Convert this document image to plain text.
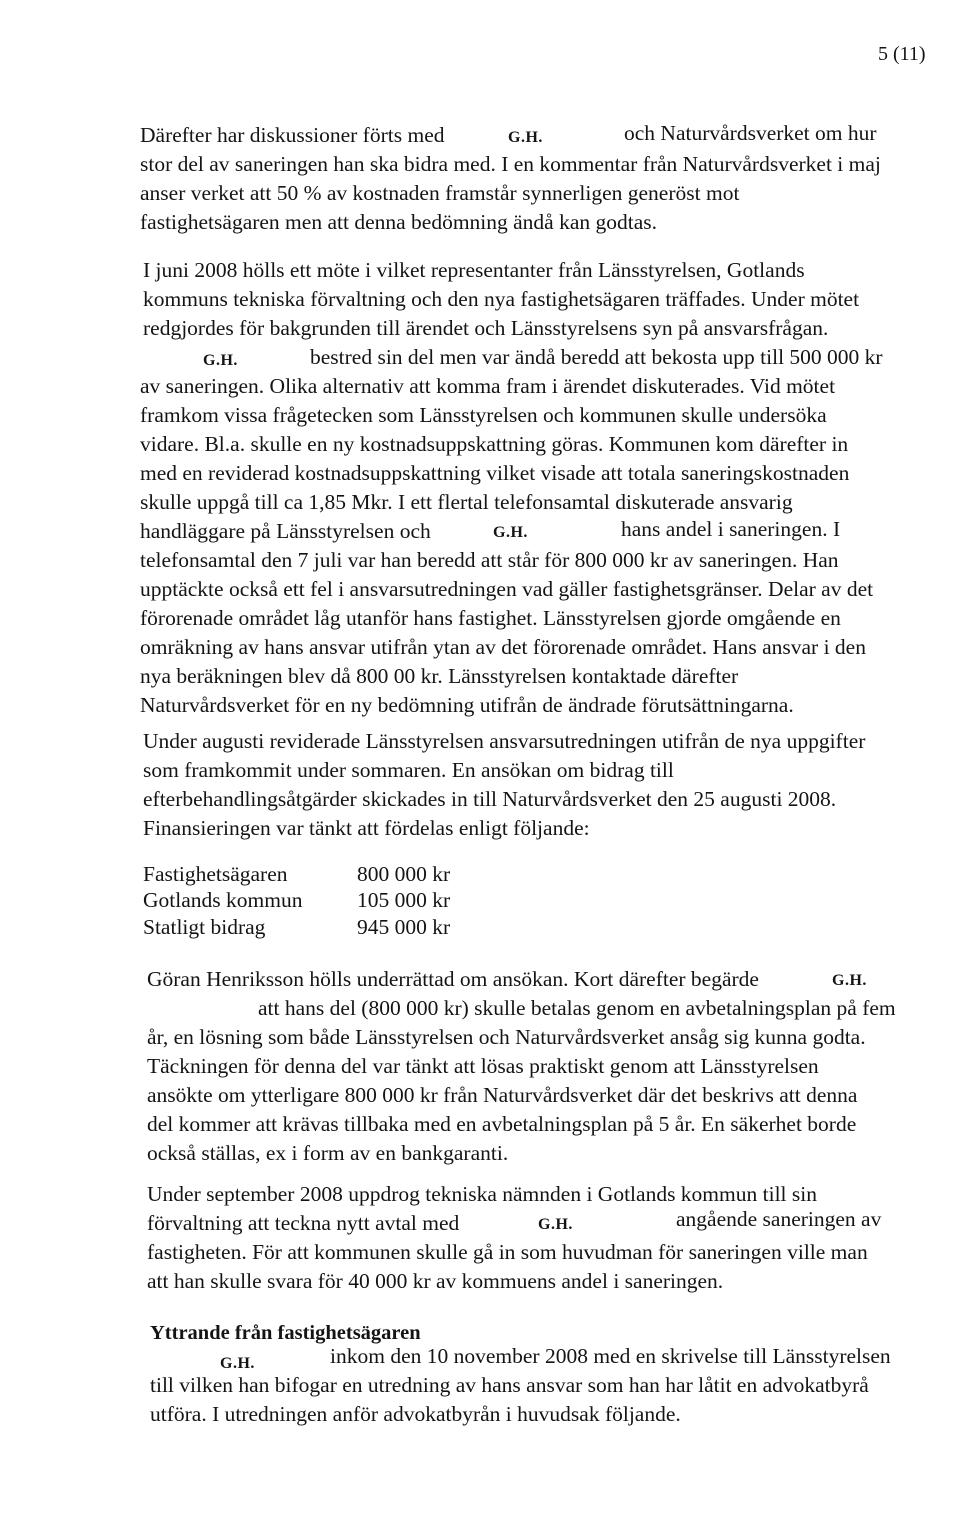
5 (11)
Därefter har diskussioner förts med	G.H.	och Naturvårdsverket om hur
stor del av saneringen han ska bidra med. I en kommentar från Naturvårdsverket i maj
anser verket att 50 % av kostnaden framstår synnerligen generöst mot
fastighetsägaren men att denna bedömning ändå kan godtas.
I juni 2008 hölls ett möte i vilket representanter från Länsstyrelsen, Gotlands
kommuns tekniska förvaltning och den nya fastighetsägaren träffades. Under mötet
redgjordes för bakgrunden till ärendet och Länsstyrelsens syn på ansvarsfrågan.
G.H.	bestred sin del men var ändå beredd att bekosta upp till 500 000 kr
av saneringen. Olika alternativ att komma fram i ärendet diskuterades. Vid mötet
framkom vissa frågetecken som Länsstyrelsen och kommunen skulle undersöka
vidare. Bl.a. skulle en ny kostnadsuppskattning göras. Kommunen kom därefter in
med en reviderad kostnadsuppskattning vilket visade att totala saneringskostnaden
skulle uppgå till ca 1,85 Mkr. I ett flertal telefonsamtal diskuterade ansvarig
handläggare på Länsstyrelsen och	G.H.	hans andel i saneringen. I
telefonsamtal den 7 juli var han beredd att står för 800 000 kr av saneringen. Han
upptäckte också ett fel i ansvarsutredningen vad gäller fastighetsgränser. Delar av det
förorenade området låg utanför hans fastighet. Länsstyrelsen gjorde omgående en
omräkning av hans ansvar utifrån ytan av det förorenade området. Hans ansvar i den
nya beräkningen blev då 800 00 kr. Länsstyrelsen kontaktade därefter
Naturvårdsverket för en ny bedömning utifrån de ändrade förutsättningarna.
Under augusti reviderade Länsstyrelsen ansvarsutredningen utifrån de nya uppgifter
som framkommit under sommaren. En ansökan om bidrag till
efterbehandlingsåtgärder skickades in till Naturvårdsverket den 25 augusti 2008.
Finansieringen var tänkt att fördelas enligt följande:
Fastighetsägaren	800 000 kr
Gotlands kommun	105 000 kr
Statligt bidrag	945 000 kr
Göran Henriksson hölls underrättad om ansökan. Kort därefter begärde	G.H.
att hans del (800 000 kr) skulle betalas genom en avbetalningsplan på fem
år, en lösning som både Länsstyrelsen och Naturvårdsverket ansåg sig kunna godta.
Täckningen för denna del var tänkt att lösas praktiskt genom att Länsstyrelsen
ansökte om ytterligare 800 000 kr från Naturvårdsverket där det beskrivs att denna
del kommer att krävas tillbaka med en avbetalningsplan på 5 år. En säkerhet borde
också ställas, ex i form av en bankgaranti.
Under september 2008 uppdrog tekniska nämnden i Gotlands kommun till sin
förvaltning att teckna nytt avtal med	G.H.	angående saneringen av
fastigheten. För att kommunen skulle gå in som huvudman för saneringen ville man
att han skulle svara för 40 000 kr av kommuens andel i saneringen.
Yttrande från fastighetsägaren
G.H.	inkom den 10 november 2008 med en skrivelse till Länsstyrelsen
till vilken han bifogar en utredning av hans ansvar som han har låtit en advokatbyrå
utföra. I utredningen anför advokatbyrån i huvudsak följande.
